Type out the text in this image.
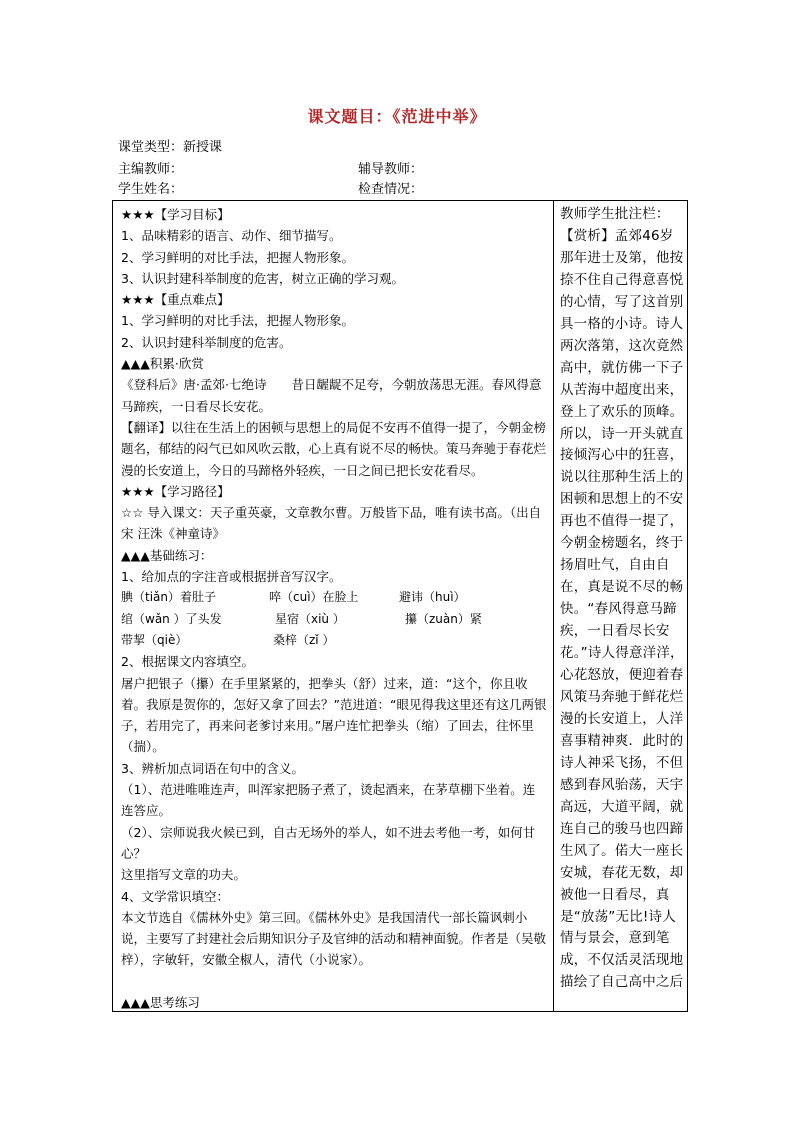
课文题目：《范进中举》
课堂类型：新授课
主编教师：	辅导教师：
学生姓名：	检查情况：
★★★【学习目标】
1、品味精彩的语言、动作、细节描写。
2、学习鲜明的对比手法，把握人物形象。
3、认识封建科举制度的危害，树立正确的学习观。
★★★【重点难点】
1、学习鲜明的对比手法，把握人物形象。
2、认识封建科举制度的危害。
▲▲▲积累·欣赏
《登科后》唐·孟郊·七绝诗　　昔日龌龊不足夸，今朝放荡思无涯。春风得意马蹄疾，一日看尽长安花。
【翻译】以往在生活上的困顿与思想上的局促不安再不值得一提了，今朝金榜题名，郁结的闷气已如风吹云散，心上真有说不尽的畅快。策马奔驰于春花烂漫的长安道上，今日的马蹄格外轻疾，一日之间已把长安花看尽。
★★★【学习路径】
☆☆ 导入课文：天子重英豪，文章教尔曹。万般皆下品，唯有读书高。（出自宋 汪洙《神童诗》
▲▲▲基础练习：
1、给加点的字注音或根据拼音写汉字。
腆（tiǎn）着肚子	啐（cuì）在脸上	避讳（huì）
绾（wǎn ）了头发	星宿（xiù ）	攥（zuàn）紧
带挈（qiè）	桑梓（zǐ ）
2、根据课文内容填空。
屠户把银子（攥）在手里紧紧的，把拳头（舒）过来，道：“这个，你且收着。我原是贺你的，怎好又拿了回去？”范进道：“眼见得我这里还有这几两银子，若用完了，再来问老爹讨来用。”屠户连忙把拳头（缩）了回去，往怀里（揣）。
3、辨析加点词语在句中的含义。
（1）、范进唯唯连声，叫浑家把肠子煮了，烫起酒来，在茅草棚下坐着。连连答应。
（2）、宗师说我火候已到，自古无场外的举人，如不进去考他一考，如何甘心？
这里指写文章的功夫。
4、文学常识填空：
本文节选自《儒林外史》第三回。《儒林外史》是我国清代一部长篇讽刺小说，主要写了封建社会后期知识分子及官绅的活动和精神面貌。作者是（吴敬梓），字敏轩，安徽全椒人，清代（小说家）。
▲▲▲思考练习
教师学生批注栏：
【赏析】孟郊46岁那年进士及第，他按捺不住自己得意喜悦的心情，写了这首别具一格的小诗。诗人两次落第，这次竟然高中，就仿佛一下子从苦海中超度出来，登上了欢乐的顶峰。所以，诗一开头就直接倾泻心中的狂喜，说以往那种生活上的困顿和思想上的不安再也不值得一提了，今朝金榜题名，终于扬眉吐气，自由自在，真是说不尽的畅快。“春风得意马蹄疾，一日看尽长安花。”诗人得意洋洋，心花怒放，便迎着春风策马奔驰于鲜花烂漫的长安道上，人洋喜事精神爽．此时的诗人神采飞扬，不但感到春风骀荡，天宇高远，大道平阔，就连自己的骏马也四蹄生风了。偌大一座长安城，春花无数，却被他一日看尽，真是“放荡”无比!诗人情与景会，意到笔成，不仅活灵活现地描绘了自己高中之后
